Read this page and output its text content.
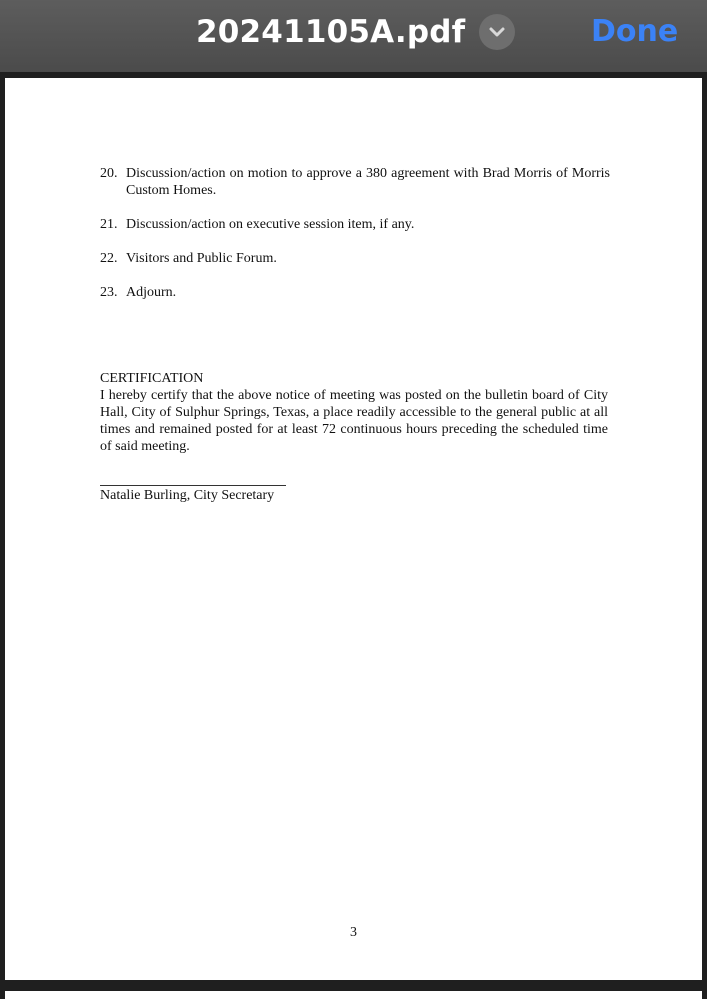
20241105A.pdf	Done
20. Discussion/action on motion to approve a 380 agreement with Brad Morris of Morris Custom Homes.
21. Discussion/action on executive session item, if any.
22. Visitors and Public Forum.
23. Adjourn.
CERTIFICATION
I hereby certify that the above notice of meeting was posted on the bulletin board of City Hall, City of Sulphur Springs, Texas, a place readily accessible to the general public at all times and remained posted for at least 72 continuous hours preceding the scheduled time of said meeting.
Natalie Burling, City Secretary
3
